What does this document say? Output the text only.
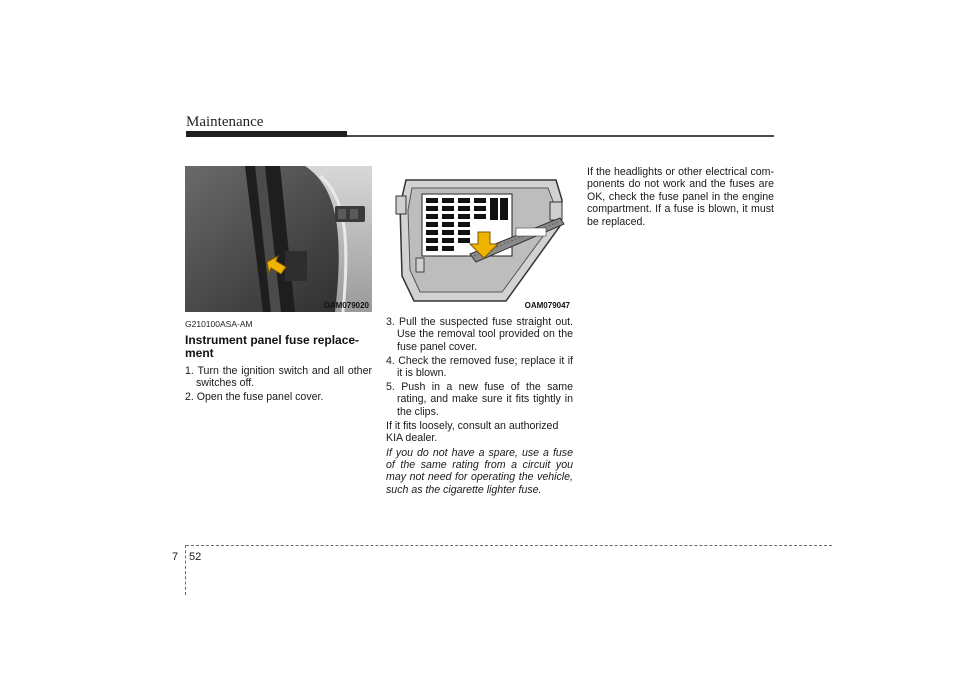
Maintenance
OAM079020
G210100ASA-AM
Instrument panel fuse replace-ment
1. Turn the ignition switch and all other switches off.
2. Open the fuse panel cover.
OAM079047
3. Pull the suspected fuse straight out. Use the removal tool provided on the fuse panel cover.
4. Check the removed fuse; replace it if it is blown.
5. Push in a new fuse of the same rating, and make sure it fits tightly in the clips.

If it fits loosely, consult an authorized KIA dealer.

If you do not have a spare, use a fuse of the same rating from a circuit you may not need for operating the vehicle, such as the cigarette lighter fuse.

If the headlights or other electrical com-ponents do not work and the fuses are OK, check the fuse panel in the engine compartment. If a fuse is blown, it must be replaced.

7 52
